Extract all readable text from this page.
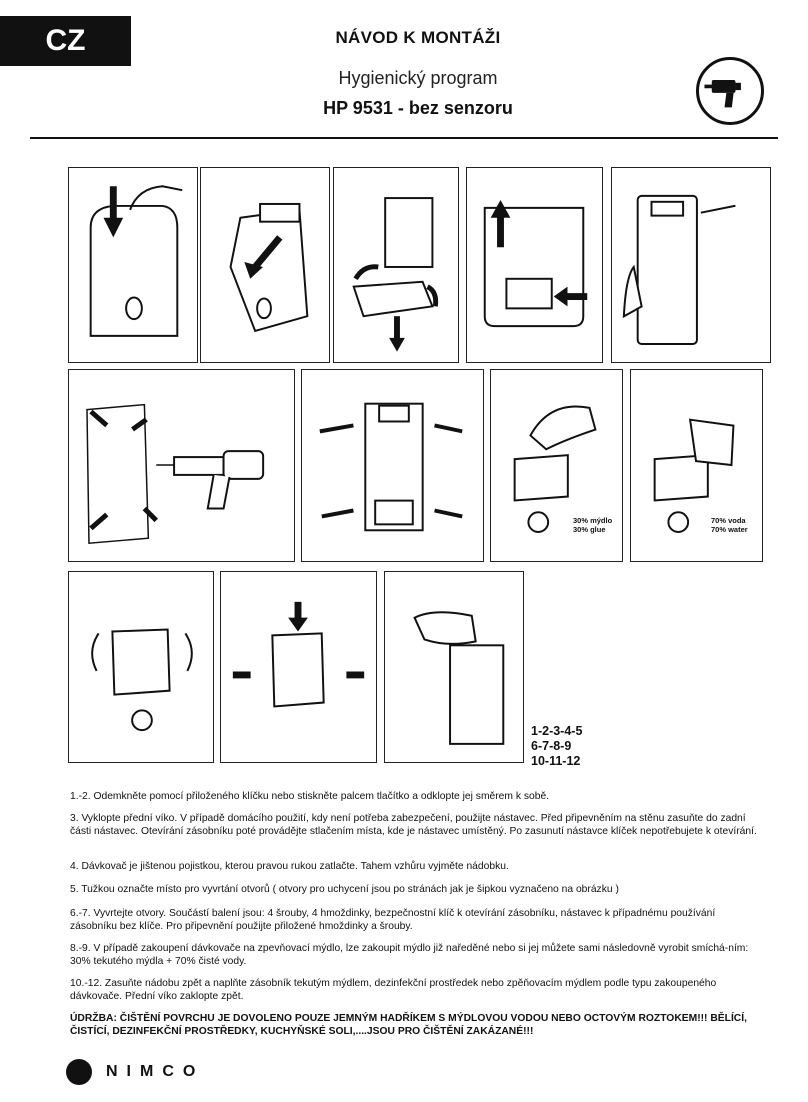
CZ	NÁVOD K MONTÁŽI
Hygienický program
HP 9531 - bez senzoru
30% mýdlo
30% glue
70% voda
70% water
1-2-3-4-5
6-7-8-9
10-11-12
1.-2. Odemkněte pomocí přiloženého klíčku nebo stiskněte palcem tlačítko a odklopte jej směrem k sobě.
3. Vyklopte přední víko. V případě domácího použití, kdy není potřeba zabezpečení, použijte nástavec. Před připevněním na stěnu zasuňte do zadní části nástavec. Otevírání zásobníku poté provádějte stlačením místa, kde je nástavec umístěný. Po zasunutí nástavce klíček nepotřebujete k otevírání.
4. Dávkovač je jištenou pojistkou, kterou pravou rukou zatlačte. Tahem vzhůru vyjměte nádobku.
5. Tužkou označte místo pro vyvrtání otvorů ( otvory pro uchycení jsou po stránách jak je šipkou vyznačeno na obrázku )
6.-7. Vyvrtejte otvory. Součástí balení jsou: 4 šrouby, 4 hmoždinky, bezpečnostní klíč k otevírání zásobníku, nástavec k případnému používání zásobníku bez klíče. Pro připevnění použijte přiložené hmoždinky a šrouby.
8.-9. V případě zakoupení dávkovače na zpevňovací mýdlo, lze zakoupit mýdlo již naředěné nebo si jej můžete sami následovně vyrobit smíchá-ním: 30% tekutého mýdla + 70% čisté vody.
10.-12. Zasuňte nádobu zpět a naplňte zásobník tekutým mýdlem, dezinfekční prostředek nebo zpěňovacím mýdlem podle typu zakoupeného dávkovače. Přední víko zaklopte zpět.
ÚDRŽBA: ČIŠTĚNÍ POVRCHU JE DOVOLENO POUZE JEMNÝM HADŘÍKEM S MÝDLOVOU VODOU NEBO OCTOVÝM ROZTOKEM!!! BĚLÍCÍ, ČISTÍCÍ, DEZINFEKČNÍ PROSTŘEDKY, KUCHYŇSKÉ SOLI,....JSOU PRO ČIŠTĚNÍ ZAKÁZANÉ!!!
NIMCO
